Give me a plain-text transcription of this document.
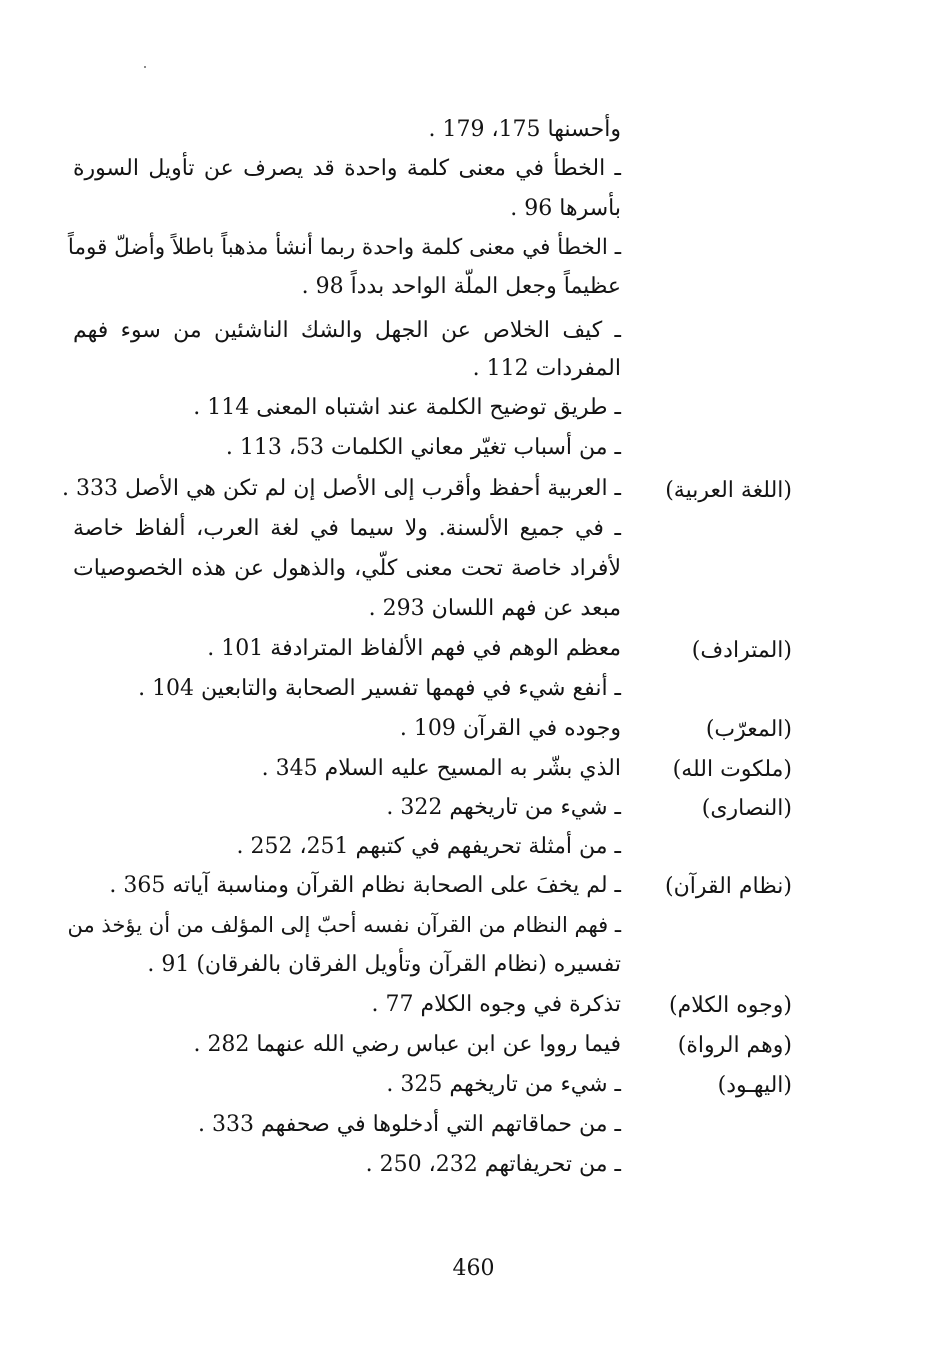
وأحسنها 175، 179 .
ـ الخطأ في معنى كلمة واحدة قد يصرف عن تأويل السورة
بأسرها 96 .
ـ الخطأ في معنى كلمة واحدة ربما أنشأ مذهباً باطلاً وأضلّ قوماً
عظيماً وجعل الملّة الواحد بدداً 98 .
ـ كيف الخلاص عن الجهل والشك الناشئين من سوء فهم
المفردات 112 .
ـ طريق توضيح الكلمة عند اشتباه المعنى 114 .
ـ من أسباب تغيّر معاني الكلمات 53، 113 .
ـ العربية أحفظ وأقرب إلى الأصل إن لم تكن هي الأصل 333 .
ـ في جميع الألسنة. ولا سيما في لغة العرب، ألفاظ خاصة
لأفراد خاصة تحت معنى كلّي، والذهول عن هذه الخصوصيات
مبعد عن فهم اللسان 293 .
معظم الوهم في فهم الألفاظ المترادفة 101 .
ـ أنفع شيء في فهمها تفسير الصحابة والتابعين 104 .
وجوده في القرآن 109 .
الذي بشّر به المسيح عليه السلام 345 .
ـ شيء من تاريخهم 322 .
ـ من أمثلة تحريفهم في كتبهم 251، 252 .
ـ لم يخفَ على الصحابة نظام القرآن ومناسبة آياته 365 .
ـ فهم النظام من القرآن نفسه أحبّ إلى المؤلف من أن يؤخذ من
تفسيره (نظام القرآن وتأويل الفرقان بالفرقان) 91 .
تذكرة في وجوه الكلام 77 .
فيما رووا عن ابن عباس رضي الله عنهما 282 .
ـ شيء من تاريخهم 325 .
ـ من حماقاتهم التي أدخلوها في صحفهم 333 .
ـ من تحريفاتهم 232، 250 .
(اللغة العربية)
(المترادف)
(المعرّب)
(ملكوت الله)
(النصارى)
(نظام القرآن)
(وجوه الكلام)
(وهم الرواة)
(اليهـود)
460
